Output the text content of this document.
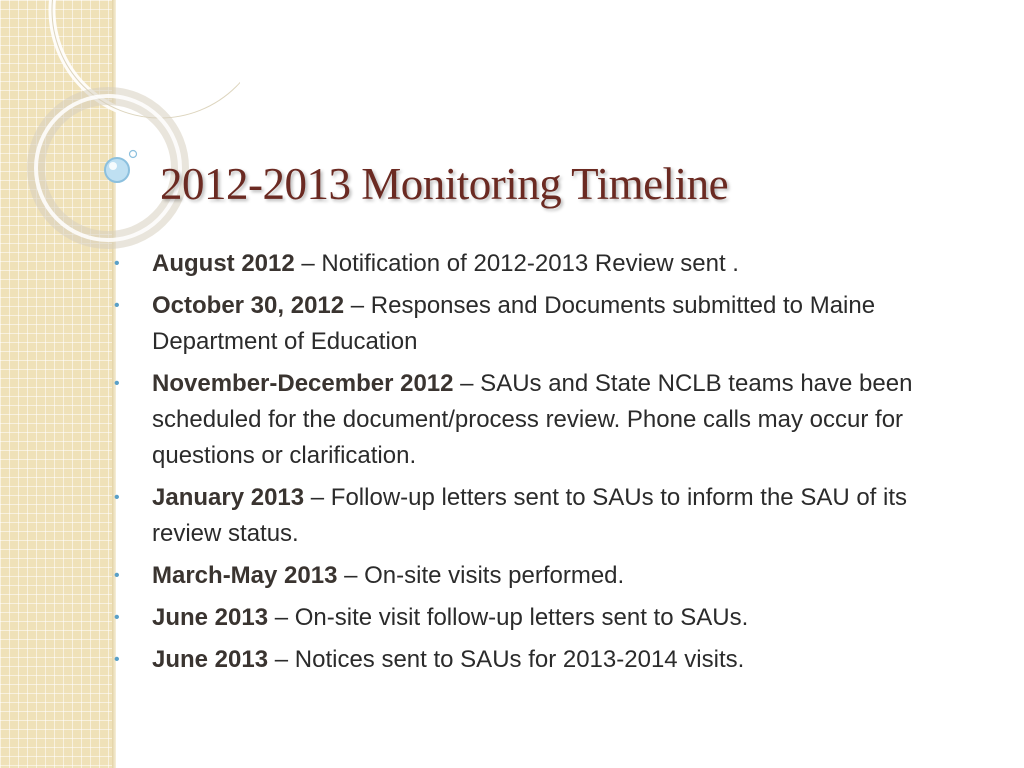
2012-2013 Monitoring Timeline
•	August 2012 – Notification of 2012-2013 Review sent .
•	October 30, 2012 – Responses and Documents submitted to Maine Department of Education
•	November-December 2012 – SAUs and State NCLB teams have been scheduled for the document/process review. Phone calls may occur for questions or clarification.
•	January 2013 – Follow-up letters sent to SAUs to inform the SAU of its review status.
•	March-May 2013 – On-site visits performed.
•	June 2013 – On-site visit follow-up letters sent to SAUs.
•	June 2013 – Notices sent to SAUs for 2013-2014 visits.
